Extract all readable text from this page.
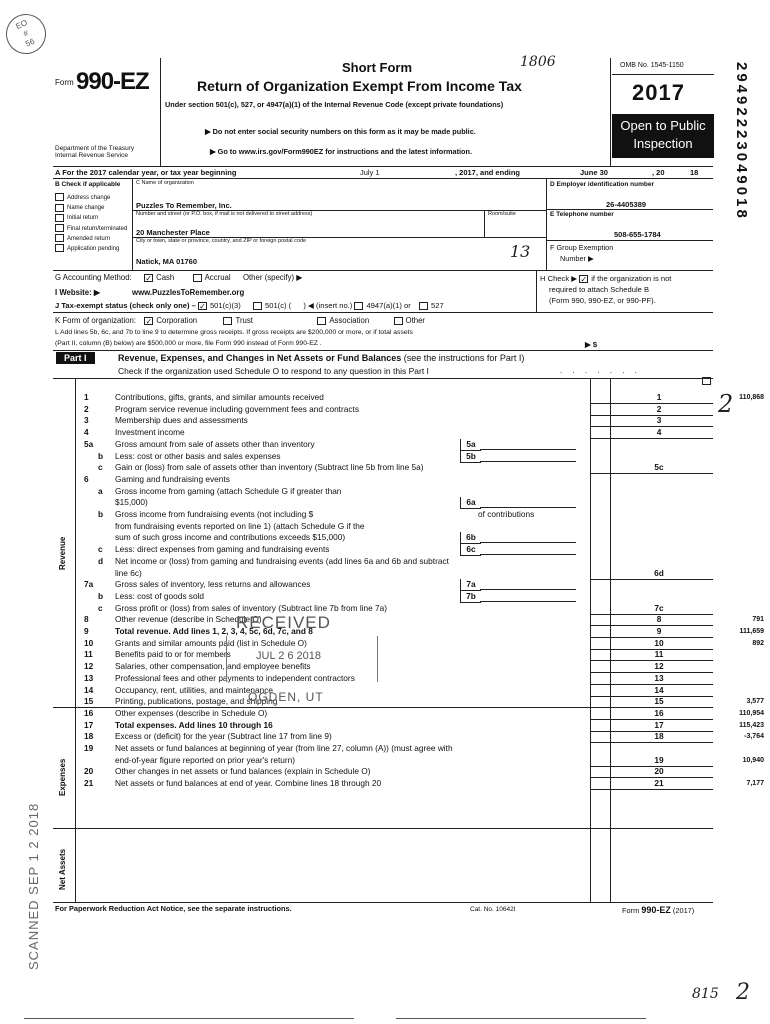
EO
#
56
Form 990-EZ
Department of the Treasury
Internal Revenue Service
Short Form	1806
Return of Organization Exempt From Income Tax
Under section 501(c), 527, or 4947(a)(1) of the Internal Revenue Code (except private foundations)
▶ Do not enter social security numbers on this form as it may be made public.
▶ Go to www.irs.gov/Form990EZ for instructions and the latest information.
OMB No. 1545-1150
2017
Open to Public
Inspection	29492223049018
A For the 2017 calendar year, or tax year beginning	July 1	, 2017, and ending	June 30	, 20	18
B Check if applicable
Address change
Name change
Initial return
Final return/terminated
Amended return
Application pending
C Name of organization
Puzzles To Remember, Inc.
Number and street (or P.O. box, if mail is not delivered to street address)	Room/suite
20 Manchester Place
City or town, state or province, country, and ZIP or foreign postal code
13
Natick, MA 01760
D Employer identification number
26-4405389
E Telephone number
508-655-1784
F Group Exemption
Number ▶
G Accounting Method: ✓ Cash	Accrual Other (specify) ▶	H Check ▶ ✓ if the organization is not
required to attach Schedule B
(Form 990, 990-EZ, or 990-PF).
I Website: ▶	www.PuzzlesToRemember.org
J Tax-exempt status (check only one) – ✓ 501(c)(3)	501(c) ( ) ◀ (insert no.) 4947(a)(1) or	527
K Form of organization: ✓ Corporation	Trust	Association	Other
L Add lines 5b, 6c, and 7b to line 9 to determine gross receipts. If gross receipts are $200,000 or more, or if total assets
(Part II, column (B) below) are $500,000 or more, file Form 990 instead of Form 990-EZ .	▶ $
Part I	Revenue, Expenses, and Changes in Net Assets or Fund Balances (see the instructions for Part I)
Check if the organization used Schedule O to respond to any question in this Part I	. . . . . . .
Revenue
Expenses
Net Assets
1	Contributions, gifts, grants, and similar amounts received	1	110,868
2	Program service revenue including government fees and contracts	2
3	Membership dues and assessments	3
4	Investment income	4
5a	Gross amount from sale of assets other than inventory	5a
b Less: cost or other basis and sales expenses	5b
c Gain or (loss) from sale of assets other than inventory (Subtract line 5b from line 5a)	5c
6	Gaming and fundraising events
a Gross income from gaming (attach Schedule G if greater than
$15,000)	6a
b Gross income from fundraising events (not including $	of contributions
from fundraising events reported on line 1) (attach Schedule G if the
sum of such gross income and contributions exceeds $15,000)	6b
c Less: direct expenses from gaming and fundraising events	6c
d Net income or (loss) from gaming and fundraising events (add lines 6a and 6b and subtract
line 6c)	6d
7a	Gross sales of inventory, less returns and allowances	7a
b Less: cost of goods sold	7b
c Gross profit or (loss) from sales of inventory (Subtract line 7b from line 7a)	7c
8	Other revenue (describe in Schedule O)	8	791
9	Total revenue. Add lines 1, 2, 3, 4, 5c, 6d, 7c, and 8	9	111,659
10	Grants and similar amounts paid (list in Schedule O)	10	892
11	Benefits paid to or for members	11
12	Salaries, other compensation, and employee benefits	12
13	Professional fees and other payments to independent contractors	13
14	Occupancy, rent, utilities, and maintenance	14
15	Printing, publications, postage, and shipping	15	3,577
16	Other expenses (describe in Schedule O)	16	110,954
17	Total expenses. Add lines 10 through 16	17	115,423
18	Excess or (deficit) for the year (Subtract line 17 from line 9)	18	-3,764
19	Net assets or fund balances at beginning of year (from line 27, column (A)) (must agree with
end-of-year figure reported on prior year's return)	19	10,940
20	Other changes in net assets or fund balances (explain in Schedule O)	20
21	Net assets or fund balances at end of year. Combine lines 18 through 20	21	7,177
For Paperwork Reduction Act Notice, see the separate instructions.	Cat. No. 10642I	Form 990-EZ (2017)
2
RECEIVED
JUL 2 6 2018
OGDEN, UT
SCANNED SEP 1 2 2018
815 2
